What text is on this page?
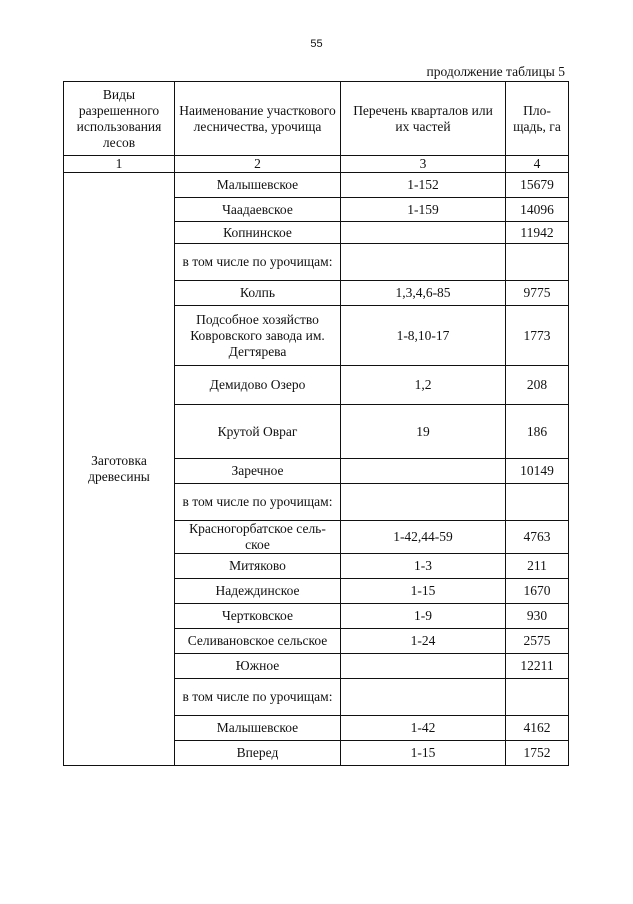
55
продолжение таблицы 5
Виды разрешенного использования лесов	Наименование участкового лесничества, урочища	Перечень кварталов или их частей	Пло-щадь, га
1	2	3	4
Заготовка древесины	Малышевское	1-152	15679
	Чаадаевское	1-159	14096
	Копнинское		11942
	в том числе по урочищам:		
	Колпь	1,3,4,6-85	9775
	Подсобное хозяйство Ковровского завода им. Дегтярева	1-8,10-17	1773
	Демидово Озеро	1,2	208
	Крутой Овраг	19	186
	Заречное		10149
	в том числе по урочищам:		
	Красногорбатское сель-ское	1-42,44-59	4763
	Митяково	1-3	211
	Надеждинское	1-15	1670
	Чертковское	1-9	930
	Селивановское сельское	1-24	2575
	Южное		12211
	в том числе по урочищам:		
	Малышевское	1-42	4162
	Вперед	1-15	1752
